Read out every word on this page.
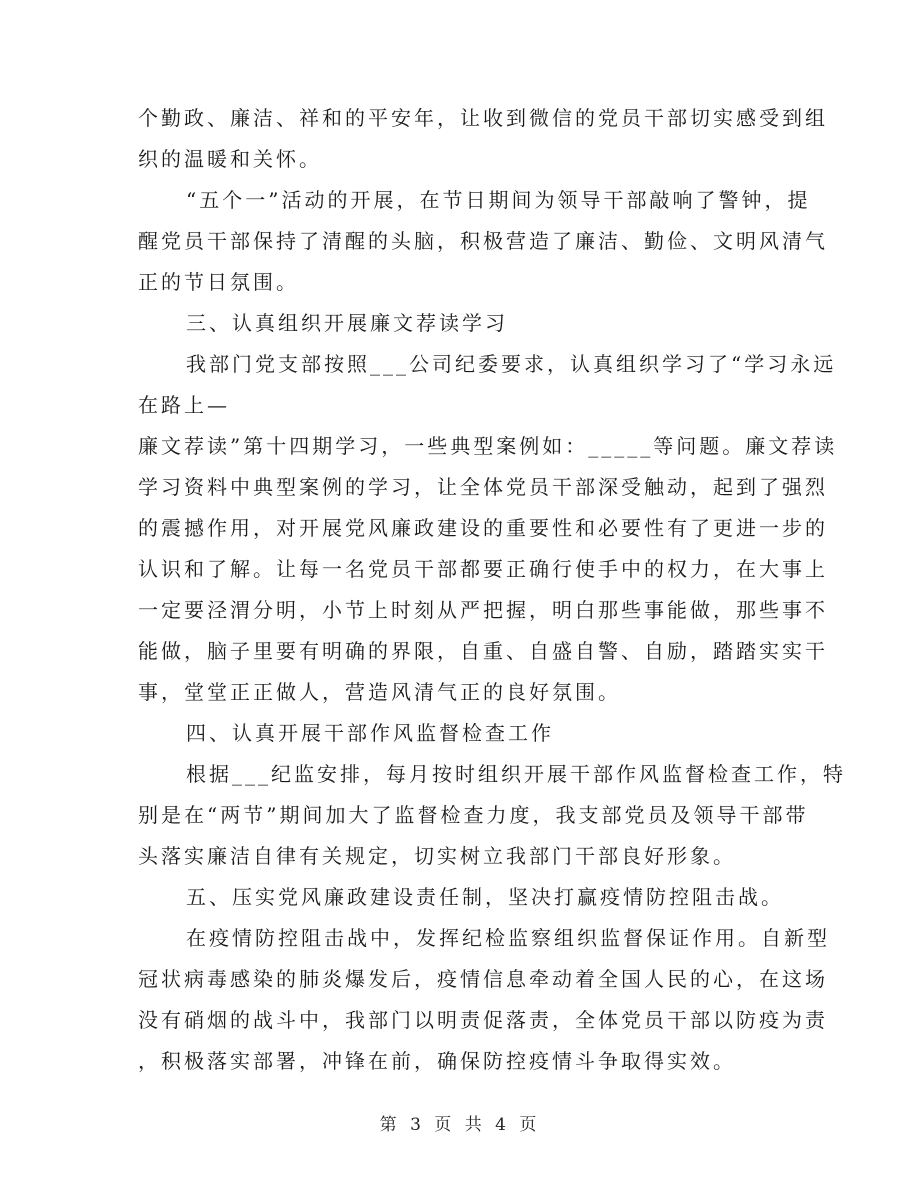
个勤政、廉洁、祥和的平安年，让收到微信的党员干部切实感受到组

织的温暖和关怀。

“五个一”活动的开展，在节日期间为领导干部敲响了警钟，提

醒党员干部保持了清醒的头脑，积极营造了廉洁、勤俭、文明风清气

正的节日氛围。

三、认真组织开展廉文荐读学习

我部门党支部按照___公司纪委要求，认真组织学习了“学习永远

在路上—

廉文荐读”第十四期学习，一些典型案例如：_____等问题。廉文荐读

学习资料中典型案例的学习，让全体党员干部深受触动，起到了强烈

的震撼作用，对开展党风廉政建设的重要性和必要性有了更进一步的

认识和了解。让每一名党员干部都要正确行使手中的权力，在大事上

一定要泾渭分明，小节上时刻从严把握，明白那些事能做，那些事不

能做，脑子里要有明确的界限，自重、自盛自警、自励，踏踏实实干

事，堂堂正正做人，营造风清气正的良好氛围。

四、认真开展干部作风监督检查工作

根据___纪监安排，每月按时组织开展干部作风监督检查工作，特

别是在“两节”期间加大了监督检查力度，我支部党员及领导干部带

头落实廉洁自律有关规定，切实树立我部门干部良好形象。

五、压实党风廉政建设责任制，坚决打赢疫情防控阻击战。

在疫情防控阻击战中，发挥纪检监察组织监督保证作用。自新型

冠状病毒感染的肺炎爆发后，疫情信息牵动着全国人民的心，在这场

没有硝烟的战斗中，我部门以明责促落责，全体党员干部以防疫为责

，积极落实部署，冲锋在前，确保防控疫情斗争取得实效。

第 3 页 共 4 页
